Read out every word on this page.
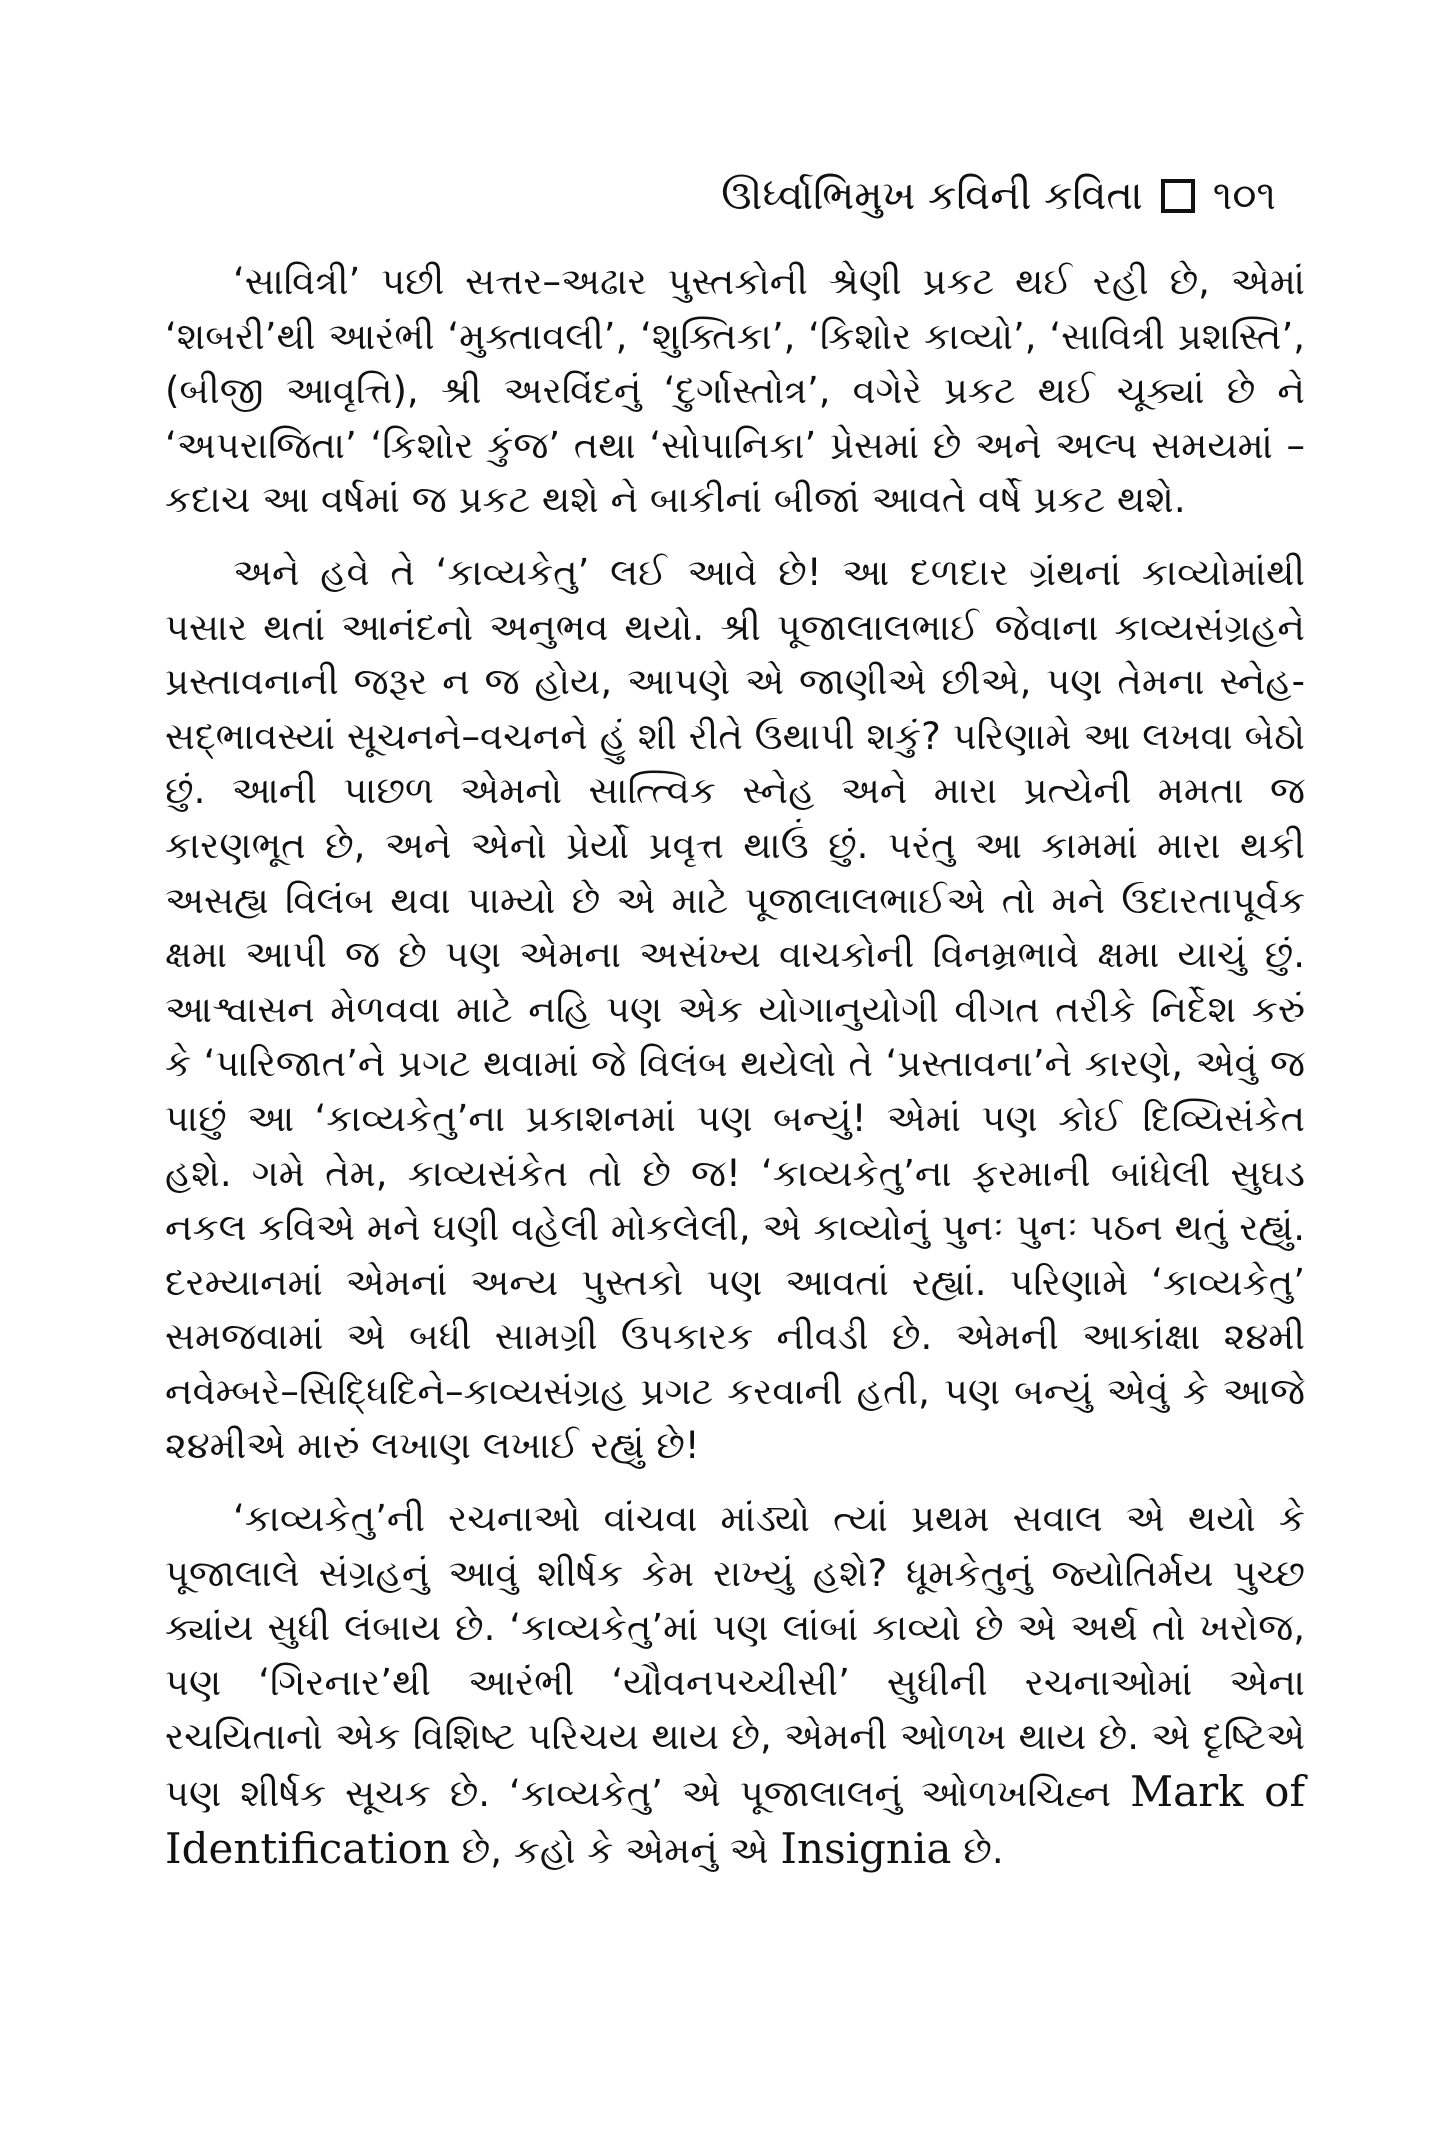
ઊર્ધ્વાભિમુખ કવિની કવિતા ૧૦૧

‘સાવિત્રી’ પછી સત્તર–અઢાર પુસ્તકોની શ્રેણી પ્રકટ થઈ રહી છે, એમાં ‘શબરી’થી આરંભી ‘મુક્તાવલી’, ‘શુક્તિકા’, ‘કિશોર કાવ્યો’, ‘સાવિત્રી પ્રશસ્તિ’, (બીજી આવૃત્તિ), શ્રી અરવિંદનું ‘દુર્ગાસ્તોત્ર’, વગેરે પ્રકટ થઈ ચૂક્યાં છે ને ‘અપરાજિતા’ ‘કિશોર કુંજ’ તથા ‘સોપાનિકા’ પ્રેસમાં છે અને અલ્પ સમયમાં – કદાચ આ વર્ષમાં જ પ્રકટ થશે ને બાકીનાં બીજાં આવતે વર્ષે પ્રકટ થશે.

અને હવે તે ‘કાવ્યકેતુ’ લઈ આવે છે! આ દળદાર ગ્રંથનાં કાવ્યોમાંથી પસાર થતાં આનંદનો અનુભવ થયો. શ્રી પૂજાલાલભાઈ જેવાના કાવ્યસંગ્રહને પ્રસ્તાવનાની જરૂર ન જ હોય, આપણે એ જાણીએ છીએ, પણ તેમના સ્નેહ-સદ્ભાવસ્યાં સૂચનને–વચનને હું શી રીતે ઉથાપી શકું? પરિણામે આ લખવા બેઠો છું. આની પાછળ એમનો સાત્ત્વિક સ્નેહ અને મારા પ્રત્યેની મમતા જ કારણભૂત છે, અને એનો પ્રેર્યો પ્રવૃત્ત થાઉં છું. પરંતુ આ કામમાં મારા થકી અસહ્ય વિલંબ થવા પામ્યો છે એ માટે પૂજાલાલભાઈએ તો મને ઉદારતાપૂર્વક ક્ષમા આપી જ છે પણ એમના અસંખ્ય વાચકોની વિનમ્રભાવે ક્ષમા યાચું છું. આશ્વાસન મેળવવા માટે નહિ પણ એક યોગાનુયોગી વીગત તરીકે નિર્દેશ કરું કે ‘પારિજાત’ને પ્રગટ થવામાં જે વિલંબ થયેલો તે ‘પ્રસ્તાવના’ને કારણે, એવું જ પાછું આ ‘કાવ્યકેતુ’ના પ્રકાશનમાં પણ બન્યું! એમાં પણ કોઈ દિવ્યિસંકેત હશે. ગમે તેમ, કાવ્યસંકેત તો છે જ! ‘કાવ્યકેતુ’ના ફરમાની બાંધેલી સુઘડ નકલ કવિએ મને ઘણી વહેલી મોકલેલી, એ કાવ્યોનું પુનઃ પુનઃ પઠન થતું રહ્યું. દરમ્યાનમાં એમનાં અન્ય પુસ્તકો પણ આવતાં રહ્યાં. પરિણામે ‘કાવ્યકેતુ’ સમજવામાં એ બધી સામગ્રી ઉપકારક નીવડી છે. એમની આકાંક્ષા ૨૪મી નવેમ્બરે–સિદ્ધિદિને–કાવ્યસંગ્રહ પ્રગટ કરવાની હતી, પણ બન્યું એવું કે આજે ૨૪મીએ મારું લખાણ લખાઈ રહ્યું છે!

‘કાવ્યકેતુ’ની રચનાઓ વાંચવા માંડ્યો ત્યાં પ્રથમ સવાલ એ થયો કે પૂજાલાલે સંગ્રહનું આવું શીર્ષક કેમ રાખ્યું હશે? ધૂમકેતુનું જ્યોતિર્મય પુચ્છ ક્યાંય સુધી લંબાય છે. ‘કાવ્યકેતુ’માં પણ લાંબાં કાવ્યો છે એ અર્થ તો ખરોજ, પણ ‘ગિરનાર’થી આરંભી ‘યૌવનપચ્ચીસી’ સુધીની રચનાઓમાં એના રચયિતાનો એક વિશિષ્ટ પરિચય થાય છે, એમની ઓળખ થાય છે. એ દૃષ્ટિએ પણ શીર્ષક સૂચક છે. ‘કાવ્યકેતુ’ એ પૂજાલાલનું ઓળખચિહ્ન Mark of Identification છે, કહો કે એમનું એ Insignia છે.
